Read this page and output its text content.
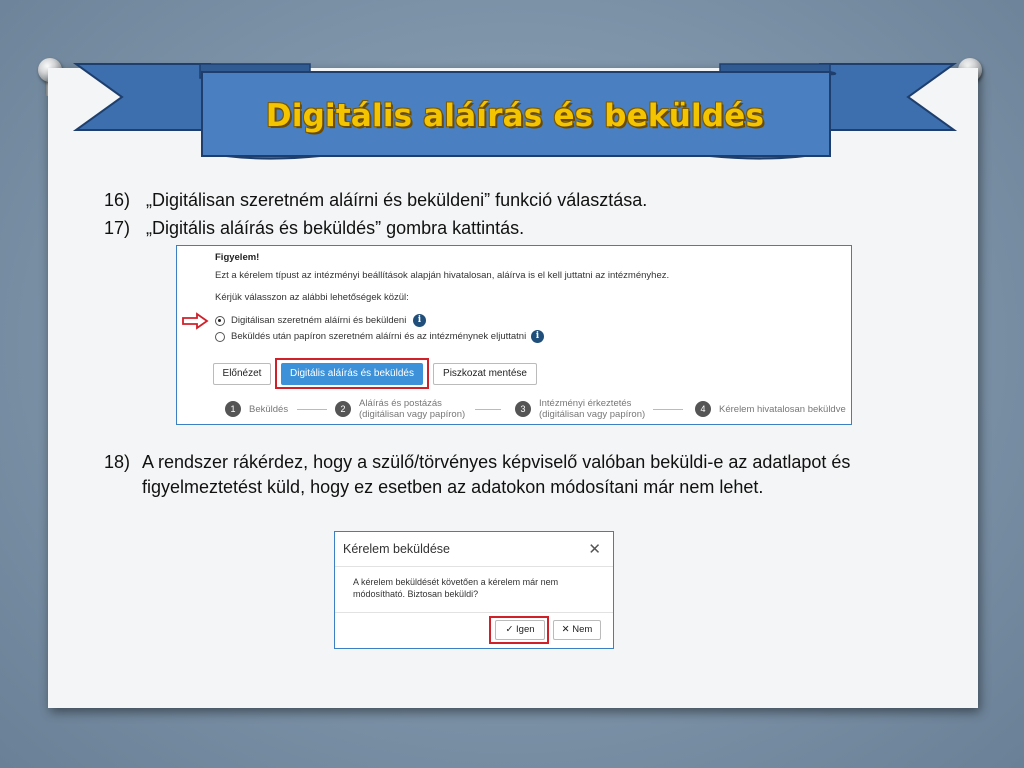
Digitális aláírás és beküldés
16) „Digitálisan szeretném aláírni és beküldeni” funkció választása.
17) „Digitális aláírás és beküldés” gombra kattintás.
Figyelem!
Ezt a kérelem típust az intézményi beállítások alapján hivatalosan, aláírva is el kell juttatni az intézményhez.
Kérjük válasszon az alábbi lehetőségek közül:
Digitálisan szeretném aláírni és beküldeni	i
Beküldés után papíron szeretném aláírni és az intézménynek eljuttatni	i
Előnézet	Digitális aláírás és beküldés	Piszkozat mentése
1	Beküldés	2	Aláírás és postázás
(digitálisan vagy papíron)	3	Intézményi érkeztetés
(digitálisan vagy papíron)	4	Kérelem hivatalosan beküldve
18) A rendszer rákérdez, hogy a szülő/törvényes képviselő valóban beküldi-e az adatlapot és figyelmeztetést küld, hogy ez esetben az adatokon módosítani már nem lehet.
Kérelem beküldése	✕
A kérelem beküldését követően a kérelem már nem módosítható. Biztosan beküldi?
✓ Igen	✕ Nem
